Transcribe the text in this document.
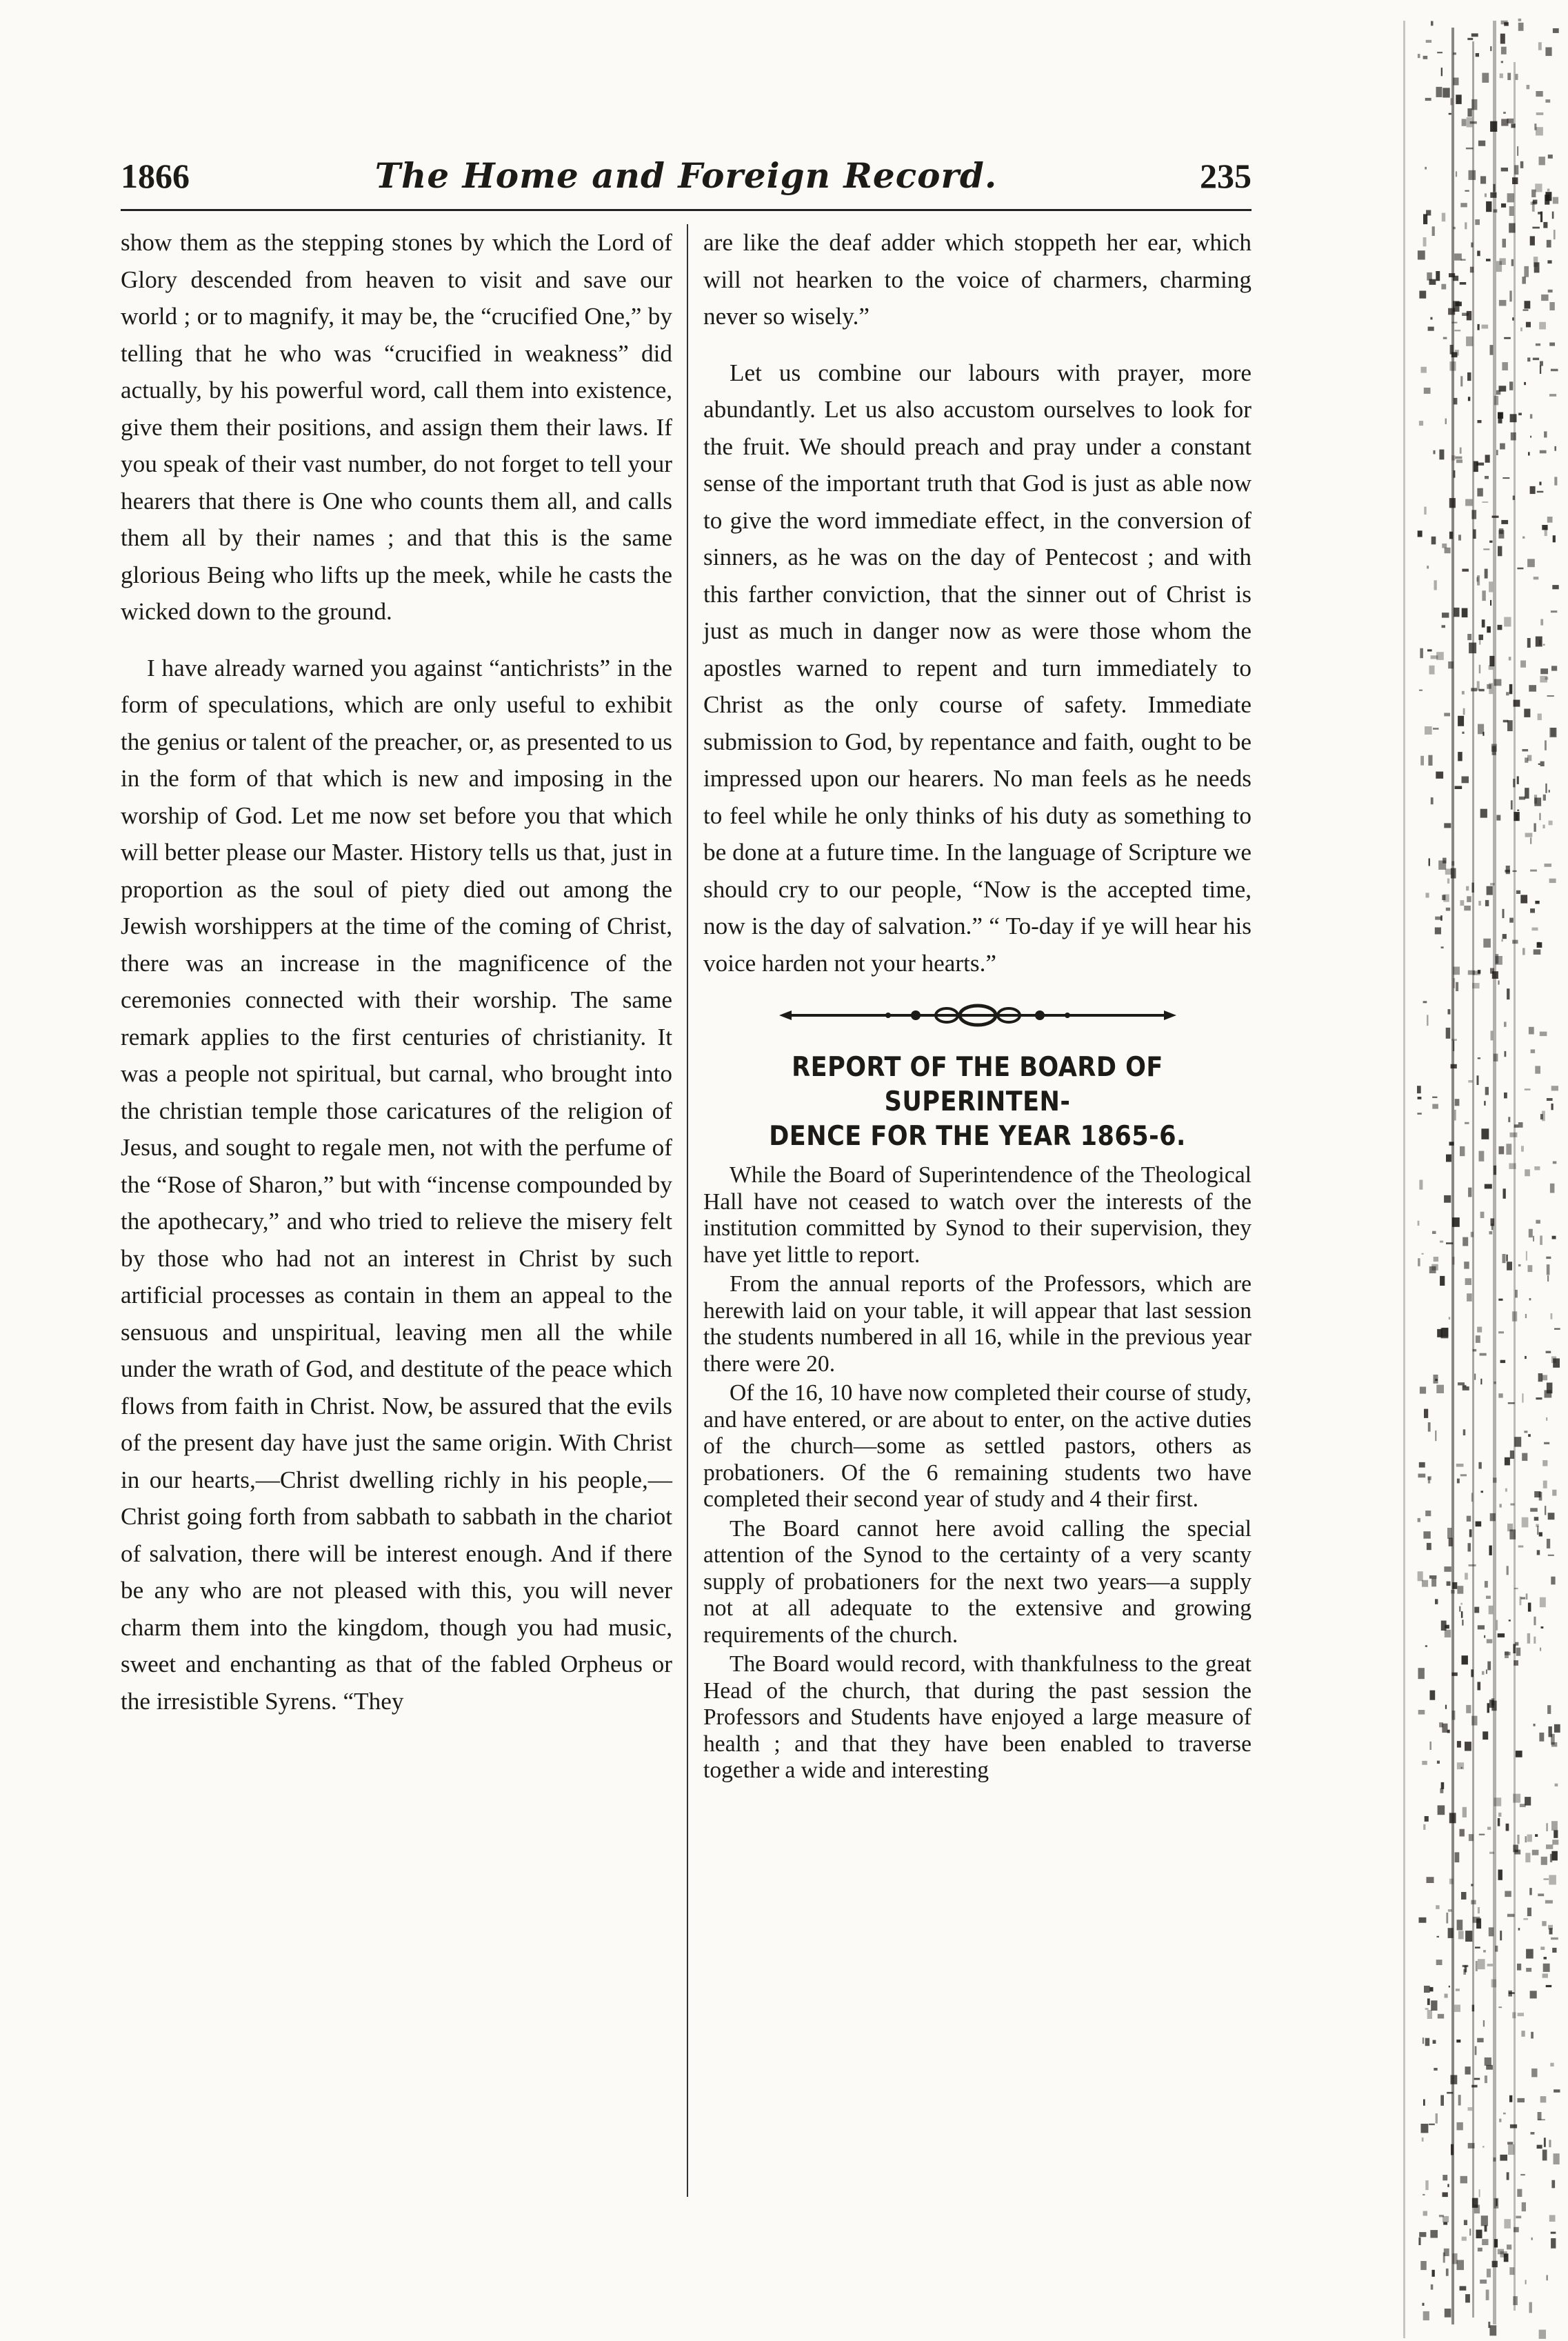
1866	The Home and Foreign Record.	235

show them as the stepping stones by which the Lord of Glory descended from heaven to visit and save our world ; or to magnify, it may be, the “crucified One,” by telling that he who was “crucified in weakness” did actually, by his powerful word, call them into existence, give them their positions, and assign them their laws. If you speak of their vast number, do not forget to tell your hearers that there is One who counts them all, and calls them all by their names ; and that this is the same glorious Being who lifts up the meek, while he casts the wicked down to the ground.

I have already warned you against “antichrists” in the form of speculations, which are only useful to exhibit the genius or talent of the preacher, or, as presented to us in the form of that which is new and imposing in the worship of God. Let me now set before you that which will better please our Master. History tells us that, just in proportion as the soul of piety died out among the Jewish worshippers at the time of the coming of Christ, there was an increase in the magnificence of the ceremonies connected with their worship. The same remark applies to the first centuries of christianity. It was a people not spiritual, but carnal, who brought into the christian temple those caricatures of the religion of Jesus, and sought to regale men, not with the perfume of the “Rose of Sharon,” but with “incense compounded by the apothecary,” and who tried to relieve the misery felt by those who had not an interest in Christ by such artificial processes as contain in them an appeal to the sensuous and unspiritual, leaving men all the while under the wrath of God, and destitute of the peace which flows from faith in Christ. Now, be assured that the evils of the present day have just the same origin. With Christ in our hearts,—Christ dwelling richly in his people,—Christ going forth from sabbath to sabbath in the chariot of salvation, there will be interest enough. And if there be any who are not pleased with this, you will never charm them into the kingdom, though you had music, sweet and enchanting as that of the fabled Orpheus or the irresistible Syrens. “They

are like the deaf adder which stoppeth her ear, which will not hearken to the voice of charmers, charming never so wisely.”

Let us combine our labours with prayer, more abundantly. Let us also accustom ourselves to look for the fruit. We should preach and pray under a constant sense of the important truth that God is just as able now to give the word immediate effect, in the conversion of sinners, as he was on the day of Pentecost ; and with this farther conviction, that the sinner out of Christ is just as much in danger now as were those whom the apostles warned to repent and turn immediately to Christ as the only course of safety. Immediate submission to God, by repentance and faith, ought to be impressed upon our hearers. No man feels as he needs to feel while he only thinks of his duty as something to be done at a future time. In the language of Scripture we should cry to our people, “Now is the accepted time, now is the day of salvation.” “ To-day if ye will hear his voice harden not your hearts.”

REPORT OF THE BOARD OF SUPERINTEN-
DENCE FOR THE YEAR 1865-6.

While the Board of Superintendence of the Theological Hall have not ceased to watch over the interests of the institution committed by Synod to their supervision, they have yet little to report.

From the annual reports of the Professors, which are herewith laid on your table, it will appear that last session the students numbered in all 16, while in the previous year there were 20.

Of the 16, 10 have now completed their course of study, and have entered, or are about to enter, on the active duties of the church—some as settled pastors, others as probationers. Of the 6 remaining students two have completed their second year of study and 4 their first.

The Board cannot here avoid calling the special attention of the Synod to the certainty of a very scanty supply of probationers for the next two years—a supply not at all adequate to the extensive and growing requirements of the church.

The Board would record, with thankfulness to the great Head of the church, that during the past session the Professors and Students have enjoyed a large measure of health ; and that they have been enabled to traverse together a wide and interesting
